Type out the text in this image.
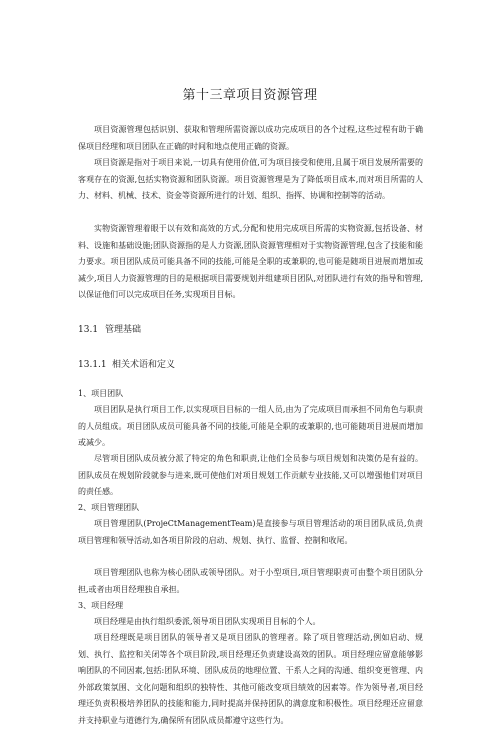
第十三章项目资源管理

项目资源管理包括识别、获取和管理所需资源以成功完成项目的各个过程,这些过程有助于确保项目经理和项目团队在正确的时间和地点使用正确的资源。

项目资源是指对于项目来说,一切具有使用价值,可为项目接受和使用,且属于项目发展所需要的客观存在的资源,包括实物资源和团队资源。项目资源管理是为了降低项目成本,而对项目所需的人力、材料、机械、技术、资金等资源所进行的计划、组织、指挥、协调和控制等的活动。

实物资源管理着眼于以有效和高效的方式,分配和使用完成项目所需的实物资源,包括设备、材料、设施和基础设施;团队资源指的是人力资源,团队资源管理相对于实物资源管理,包含了技能和能力要求。项目团队成员可能具备不同的技能,可能是全职的或兼职的,也可能是随项目进展而增加或减少,项目人力资源管理的目的是根据项目需要规划并组建项目团队,对团队进行有效的指导和管理,以保证他们可以完成项目任务,实现项目目标。

13.1 管理基础
13.1.1 相关术语和定义
1、项目团队

项目团队是执行项目工作,以实现项目目标的一组人员,由为了完成项目而承担不同角色与职责的人员组成。项目团队成员可能具备不同的技能,可能是全职的或兼职的,也可能随项目进展而增加或减少。

尽管项目团队成员被分派了特定的角色和职责,让他们全员参与项目规划和决策仍是有益的。团队成员在规划阶段就参与进来,既可使他们对项目规划工作贡献专业技能,又可以增强他们对项目的责任感。

2、项目管理团队

项目管理团队(ProjeCtManagementTeam)是直接参与项目管理活动的项目团队成员,负责项目管理和领导活动,如各项目阶段的启动、规划、执行、监督、控制和收尾。

项目管理团队也称为核心团队或领导团队。对于小型项目,项目管理职责可由整个项目团队分担,或者由项目经理独自承担。

3、项目经理

项目经理是由执行组织委派,领导项目团队实现项目目标的个人。

项目经理既是项目团队的领导者又是项目团队的管理者。除了项目管理活动,例如启动、规划、执行、监控和关闭等各个项目阶段,项目经理还负责建设高效的团队。项目经理应留意能够影响团队的不同因素,包括:团队环境、团队成员的地理位置、干系人之间的沟通、组织变更管理、内外部政策氛围、文化问题和组织的独特性、其他可能改变项目绩效的因素等。作为领导者,项目经理还负责积极培养团队的技能和能力,同时提高并保持团队的满意度和积极性。项目经理还应留意并支持职业与道德行为,确保所有团队成员都遵守这些行为。
